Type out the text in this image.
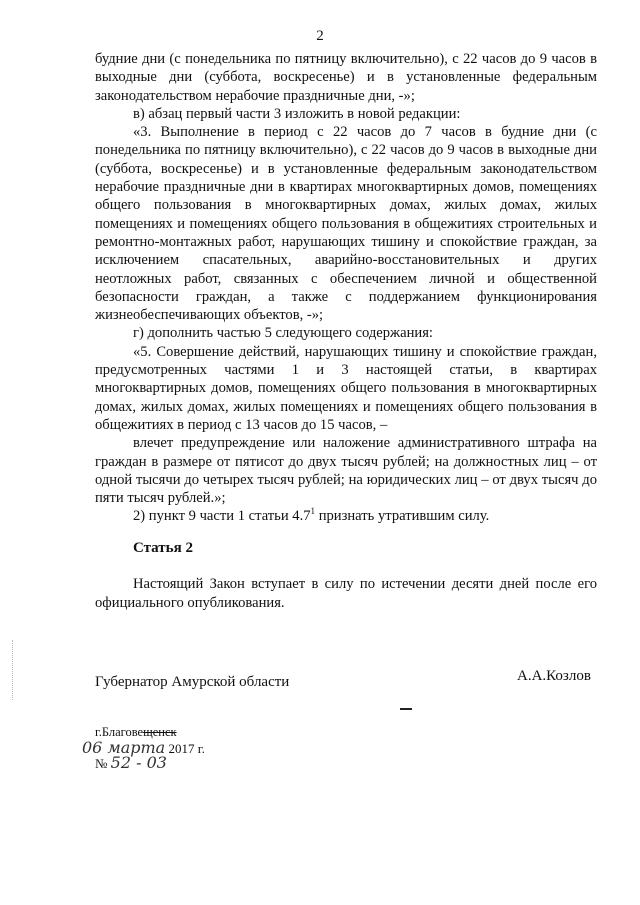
2

будние дни (с понедельника по пятницу включительно), с 22 часов до 9 часов в выходные дни (суббота, воскресенье) и в установленные федеральным законодательством нерабочие праздничные дни, -»;

в) абзац первый части 3 изложить в новой редакции:

«3. Выполнение в период с 22 часов до 7 часов в будние дни (с понедельника по пятницу включительно), с 22 часов до 9 часов в выходные дни (суббота, воскресенье) и в установленные федеральным законодательством нерабочие праздничные дни в квартирах многоквартирных домов, помещениях общего пользования в многоквартирных домах, жилых домах, жилых помещениях и помещениях общего пользования в общежитиях строительных и ремонтно-монтажных работ, нарушающих тишину и спокойствие граждан, за исключением спасательных, аварийно-восстановительных и других неотложных работ, связанных с обеспечением личной и общественной безопасности граждан, а также с поддержанием функционирования жизнеобеспечивающих объектов, -»;

г) дополнить частью 5 следующего содержания:

«5. Совершение действий, нарушающих тишину и спокойствие граждан, предусмотренных частями 1 и 3 настоящей статьи, в квартирах многоквартирных домов, помещениях общего пользования в многоквартирных домах, жилых домах, жилых помещениях и помещениях общего пользования в общежитиях в период с 13 часов до 15 часов, –

влечет предупреждение или наложение административного штрафа на граждан в размере от пятисот до двух тысяч рублей; на должностных лиц – от одной тысячи до четырех тысяч рублей; на юридических лиц – от двух тысяч до пяти тысяч рублей.»;

2) пункт 9 части 1 статьи $4.7^1$ признать утратившим силу.

Статья 2

Настоящий Закон вступает в силу по истечении десяти дней после его официального опубликования.

Губернатор Амурской области	А.А.Козлов
г.Благовещенск
06 марта 2017 г.
№ 52 - 03
